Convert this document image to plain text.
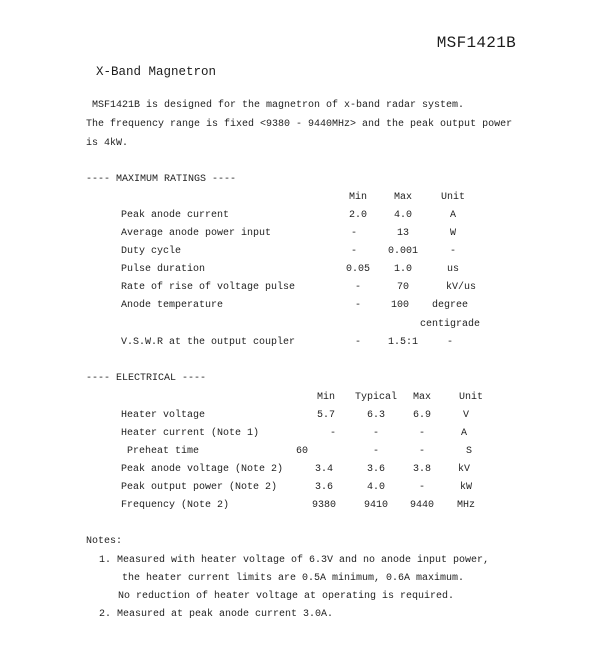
MSF1421B
X-Band Magnetron
MSF1421B is designed for the magnetron of x-band radar system.
The frequency range is fixed <9380 - 9440MHz> and the peak output power
is 4kW.
---- MAXIMUM RATINGS ----
Min	Max	Unit
Peak anode current	2.0	4.0	A
Average anode power input	-	13	W
Duty cycle	-	0.001	-
Pulse duration	0.05	1.0	us
Rate of rise of voltage pulse	-	70	kV/us
Anode temperature	-	100	degree
centigrade
V.S.W.R at the output coupler	-	1.5:1	-
---- ELECTRICAL ----
Min	Typical	Max	Unit
Heater voltage	5.7	6.3	6.9	V
Heater current (Note 1)	-	-	-	A
Preheat time	60	-	-	S
Peak anode voltage (Note 2)	3.4	3.6	3.8	kV
Peak output power (Note 2)	3.6	4.0	-	kW
Frequency (Note 2)	9380	9410	9440	MHz
Notes:
1. Measured with heater voltage of 6.3V and no anode input power,
the heater current limits are 0.5A minimum, 0.6A maximum.
No reduction of heater voltage at operating is required.
2. Measured at peak anode current 3.0A.
